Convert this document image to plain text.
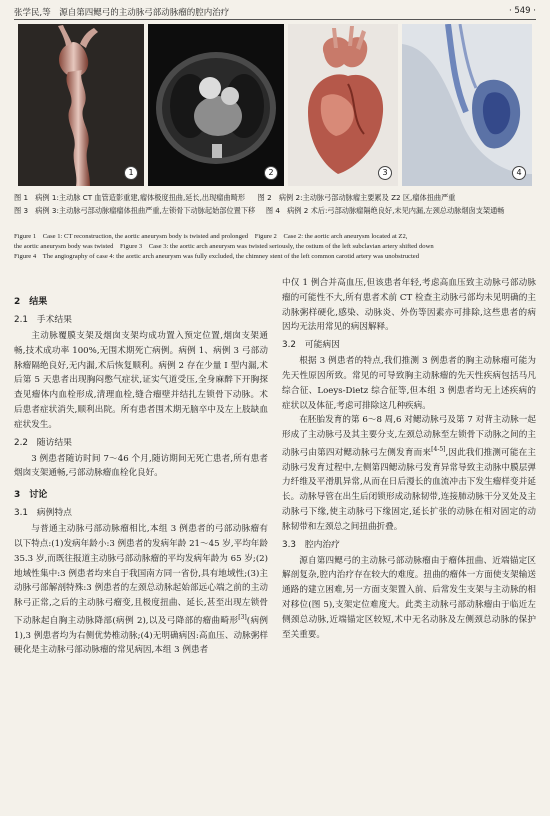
张学民,等　源自第四鳃弓的主动脉弓部动脉瘤的腔内治疗	· 549 ·
1	2	3	4
图 1　病例 1:主动脉 CT 血管造影重建,瘤体极度扭曲,延长,出现瘤曲畸形 图 2　病例 2:主动脉弓部动脉瘤主要累及 Z2 区,瘤体扭曲严重
图 3　病例 3:主动脉弓部动脉瘤瘤体扭曲严重,左锁骨下动脉起始部位置下移 图 4　病例 2 术后:弓部动脉瘤隔绝良好,未见内漏,左颈总动脉烟囱支架通畅
Figure 1　Case 1: CT reconstruction, the aortic aneurysm body is twisted and prolonged　Figure 2　Case 2: the aortic arch aneurysm located at Z2,
the aortic aneurysm body was twisted　Figure 3　Case 3: the aortic arch aneurysm was twisted seriously, the ostium of the left subclavian artery shifted down
Figure 4　The angiography of case 4: the aortic arch aneurysm was fully excluded, the chimney stent of the left common carotid artery was unobstructed
2　结果
2.1　手术结果

主动脉覆膜支架及烟囱支架均成功置入预定位置,烟囱支架通畅,技术成功率 100%,无围术期死亡病例。病例 1、病例 3 弓部动脉瘤隔绝良好,无内漏,术后恢复顺利。病例 2 存在少量 Ⅰ 型内漏,术后第 5 天患者出现胸闷憋气症状,证实气道受压,全身麻醉下开胸探查见瘤体内血栓形成,清理血栓,缝合瘤壁并结扎左锁骨下动脉。术后患者症状消失,顺利出院。所有患者围术期无脑卒中及左上肢缺血症状发生。

2.2　随访结果

3 例患者随访时间 7～46 个月,随访期间无死亡患者,所有患者烟囱支架通畅,弓部动脉瘤血栓化良好。

3　讨论
3.1　病例特点

与普通主动脉弓部动脉瘤相比,本组 3 例患者的弓部动脉瘤有以下特点:(1)发病年龄小:3 例患者的发病年龄 21～45 岁,平均年龄 35.3 岁,而既往报道主动脉弓部动脉瘤的平均发病年龄为 65 岁;(2)地域性集中:3 例患者均来自于我国南方同一省份,具有地域性;(3)主动脉弓部解剖特殊:3 例患者的左颈总动脉起始部远心端之前的主动脉弓正常,之后的主动脉弓瘤变,且极度扭曲、延长,甚至出现左锁骨下动脉起自胸主动脉降部(病例 2),以及弓降部的瘤曲畸形[3](病例 1),3 例患者均为右侧优势椎动脉;(4)无明确病因:高血压、动脉粥样硬化是主动脉弓部动脉瘤的常见病因,本组 3 例患者

中仅 1 例合并高血压,但该患者年轻,考虑高血压致主动脉弓部动脉瘤的可能性不大,所有患者术前 CT 检查主动脉弓部均未见明确的主动脉粥样硬化,感染、动脉炎、外伤等因素亦可排除,这些患者的病因均无法用常见的病因解释。

3.2　可能病因

根据 3 例患者的特点,我们推测 3 例患者的胸主动脉瘤可能为先天性原因所致。常见的可导致胸主动脉瘤的先天性疾病包括马凡综合征、Loeys-Dietz 综合征等,但本组 3 例患者均无上述疾病的症状以及体征,考虑可排除这几种疾病。

在胚胎发育的第 6～8 周,6 对鳃动脉弓及第 7 对背主动脉一起形成了主动脉弓及其主要分支,左颈总动脉至左锁骨下动脉之间的主动脉弓由第四对鳃动脉弓左侧发育而来[4-5],因此我们推测可能在主动脉弓发育过程中,左侧第四鳃动脉弓发育异常导致主动脉中膜层弹力纤维及平滑肌异常,从而在日后漫长的血流冲击下发生瘤样变并延长。动脉导管在出生后闭锁形成动脉韧带,连接肺动脉干分叉处及主动脉弓下缘,使主动脉弓下缘固定,延长扩张的动脉在相对固定的动脉韧带和左颈总之间扭曲折叠。

3.3　腔内治疗

源自第四鳃弓的主动脉弓部动脉瘤由于瘤体扭曲、近端锚定区解剖复杂,腔内治疗存在较大的难度。扭曲的瘤体一方面使支架输送通路的建立困难,另一方面支架置入前、后常发生支架与主动脉的相对移位(图 5),支架定位难度大。此类主动脉弓部动脉瘤由于临近左侧颈总动脉,近端锚定区较短,术中无名动脉及左侧颈总动脉的保护至关重要。
